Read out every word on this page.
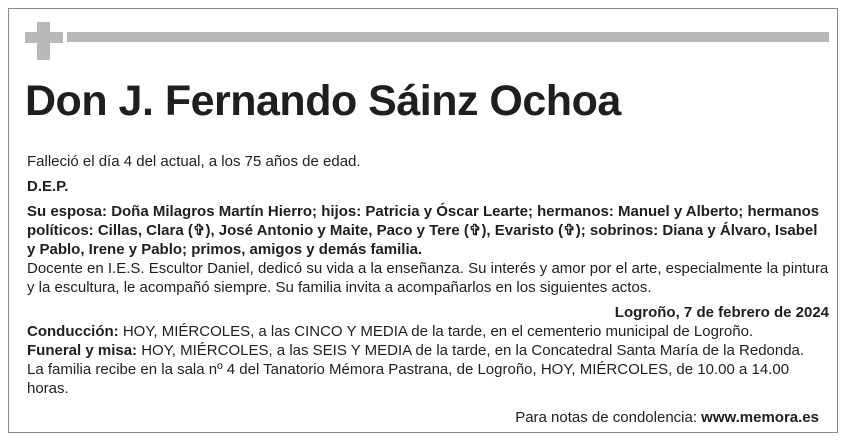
Don J. Fernando Sáinz Ochoa

Falleció el día 4 del actual, a los 75 años de edad.

D.E.P.

Su esposa: Doña Milagros Martín Hierro; hijos: Patricia y Óscar Learte; hermanos: Manuel y Alberto; hermanos políticos: Cillas, Clara (✞), José Antonio y Maite, Paco y Tere (✞), Evaristo (✞); sobrinos: Diana y Álvaro, Isabel y Pablo, Irene y Pablo; primos, amigos y demás familia.

Docente en I.E.S. Escultor Daniel, dedicó su vida a la enseñanza. Su interés y amor por el arte, especialmente la pintura y la escultura, le acompañó siempre. Su familia invita a acompañarlos en los siguientes actos.

Logroño, 7 de febrero de 2024

Conducción: HOY, MIÉRCOLES, a las CINCO Y MEDIA de la tarde, en el cementerio municipal de Logroño.

Funeral y misa: HOY, MIÉRCOLES, a las SEIS Y MEDIA de la tarde, en la Concatedral Santa María de la Redonda.

La familia recibe en la sala nº 4 del Tanatorio Mémora Pastrana, de Logroño, HOY, MIÉRCOLES, de 10.00 a 14.00 horas.

Para notas de condolencia: www.memora.es
